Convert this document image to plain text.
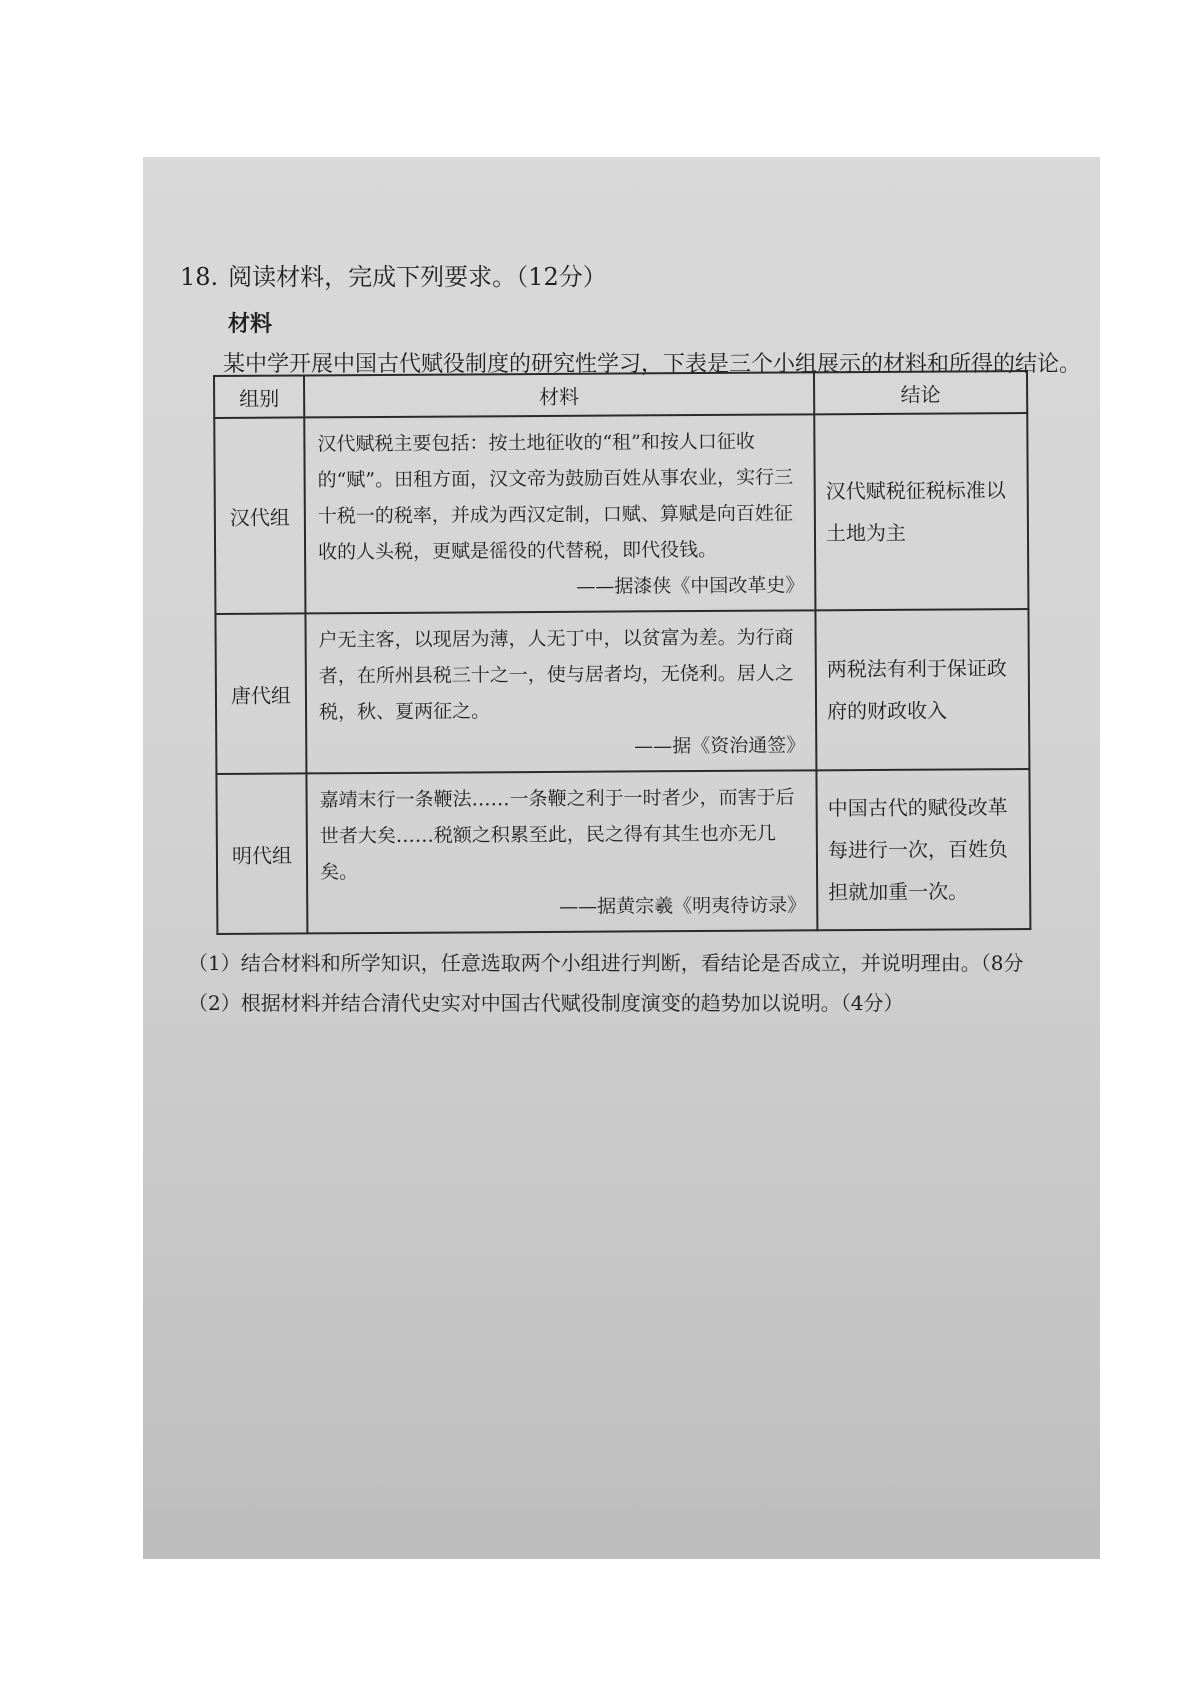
18. 阅读材料，完成下列要求。（12分）
材料
某中学开展中国古代赋役制度的研究性学习，下表是三个小组展示的材料和所得的结论。
组别	材料	结论
汉代组	汉代赋税主要包括：按土地征收的“租”和按人口征收的“赋”。田租方面，汉文帝为鼓励百姓从事农业，实行三十税一的税率，并成为西汉定制，口赋、算赋是向百姓征收的人头税，更赋是徭役的代替税，即代役钱。
——据漆侠《中国改革史》	汉代赋税征税标准以土地为主
唐代组	户无主客，以现居为薄，人无丁中，以贫富为差。为行商者，在所州县税三十之一，使与居者均，无侥利。居人之税，秋、夏两征之。
——据《资治通签》	两税法有利于保证政府的财政收入
明代组	嘉靖末行一条鞭法……一条鞭之利于一时者少，而害于后世者大矣……税额之积累至此，民之得有其生也亦无几矣。
——据黄宗羲《明夷待访录》	中国古代的赋役改革每进行一次，百姓负担就加重一次。
（1）结合材料和所学知识，任意选取两个小组进行判断，看结论是否成立，并说明理由。（8分
（2）根据材料并结合清代史实对中国古代赋役制度演变的趋势加以说明。（4分）
